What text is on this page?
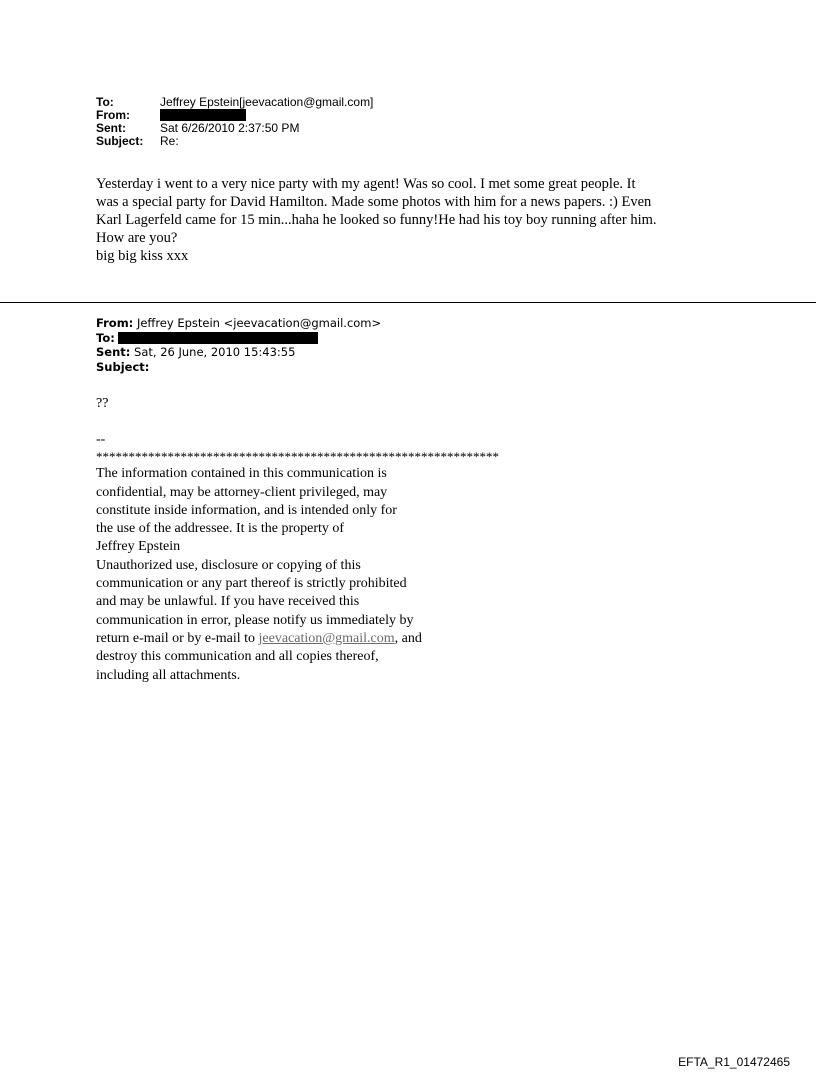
To:	Jeffrey Epstein[jeevacation@gmail.com]
From:
Sent:	Sat 6/26/2010 2:37:50 PM
Subject:	Re:

Yesterday i went to a very nice party with my agent! Was so cool. I met some great people. It

was a special party for David Hamilton. Made some photos with him for a news papers. :) Even

Karl Lagerfeld came for 15 min...haha he looked so funny!He had his toy boy running after him.

How are you?

big big kiss xxx

From: Jeffrey Epstein <jeevacation@gmail.com>
To:
Sent: Sat, 26 June, 2010 15:43:55
Subject:
??
--
**************************************************************
The information contained in this communication is
confidential, may be attorney-client privileged, may
constitute inside information, and is intended only for
the use of the addressee. It is the property of
Jeffrey Epstein
Unauthorized use, disclosure or copying of this
communication or any part thereof is strictly prohibited
and may be unlawful. If you have received this
communication in error, please notify us immediately by
return e-mail or by e-mail to jeevacation@gmail.com, and
destroy this communication and all copies thereof,
including all attachments.
EFTA_R1_01472465
